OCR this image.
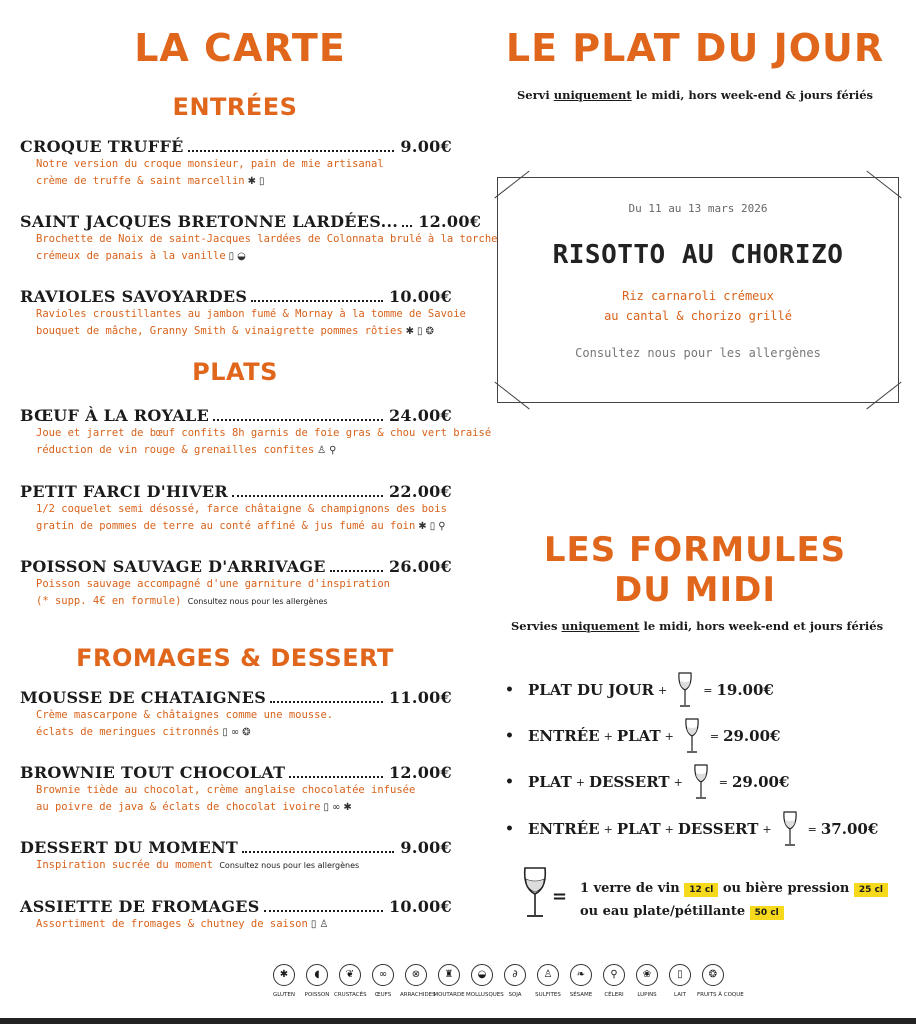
LA CARTE
ENTRÉES
CROQUE TRUFFÉ	9.00€
Notre version du croque monsieur, pain de mie artisanal
crème de truffe & saint marcellin ✱ ▯
SAINT JACQUES BRETONNE LARDÉES... 12.00€
Brochette de Noix de saint-Jacques lardées de Colonnata brulé à la torche
crémeux de panais à la vanille ▯ ◒
RAVIOLES SAVOYARDES	10.00€
Ravioles croustillantes au jambon fumé & Mornay à la tomme de Savoie
bouquet de mâche, Granny Smith & vinaigrette pommes rôties ✱ ▯ ❂
PLATS
BŒUF À LA ROYALE	24.00€
Joue et jarret de bœuf confits 8h garnis de foie gras & chou vert braisé
réduction de vin rouge & grenailles confites ♙ ⚲
PETIT FARCI D'HIVER	22.00€
1/2 coquelet semi désossé, farce châtaigne & champignons des bois
gratin de pommes de terre au conté affiné & jus fumé au foin ✱ ▯ ⚲
POISSON SAUVAGE D'ARRIVAGE	26.00€
Poisson sauvage accompagné d'une garniture d'inspiration
(* supp. 4€ en formule) Consultez nous pour les allergènes
FROMAGES & DESSERT
MOUSSE DE CHATAIGNES	11.00€
Crème mascarpone & châtaignes comme une mousse.
éclats de meringues citronnés ▯ ∞ ❂
BROWNIE TOUT CHOCOLAT	12.00€
Brownie tiède au chocolat, crème anglaise chocolatée infusée
au poivre de java & éclats de chocolat ivoire ▯ ∞ ✱
DESSERT DU MOMENT	9.00€
Inspiration sucrée du moment Consultez nous pour les allergènes
ASSIETTE DE FROMAGES	10.00€
Assortiment de fromages & chutney de saison ▯ ♙
LE PLAT DU JOUR
Servi uniquement le midi, hors week-end & jours fériés
Du 11 au 13 mars 2026
RISOTTO AU CHORIZO
Riz carnaroli crémeux
au cantal & chorizo grillé
Consultez nous pour les allergènes
LES FORMULES
DU MIDI
Servies uniquement le midi, hors week-end et jours fériés
• PLAT DU JOUR +	= 19.00€
• ENTRÉE + PLAT +	= 29.00€
• PLAT + DESSERT +	= 29.00€
• ENTRÉE + PLAT + DESSERT +	= 37.00€
= 1 verre de vin 12 cl ou bière pression 25 cl
ou eau plate/pétillante 50 cl
✱
GLUTEN
◖
POISSON
❦
CRUSTACÉS
∞
ŒUFS
⊗
ARRACHIDES
♜
MOUTARDE
◒
MOLLUSQUES
∂
SOJA
♙
SULFITES
❧
SÉSAME
⚲
CÉLERI
❀
LUPINS
▯
LAIT
❂
FRUITS À COQUE
